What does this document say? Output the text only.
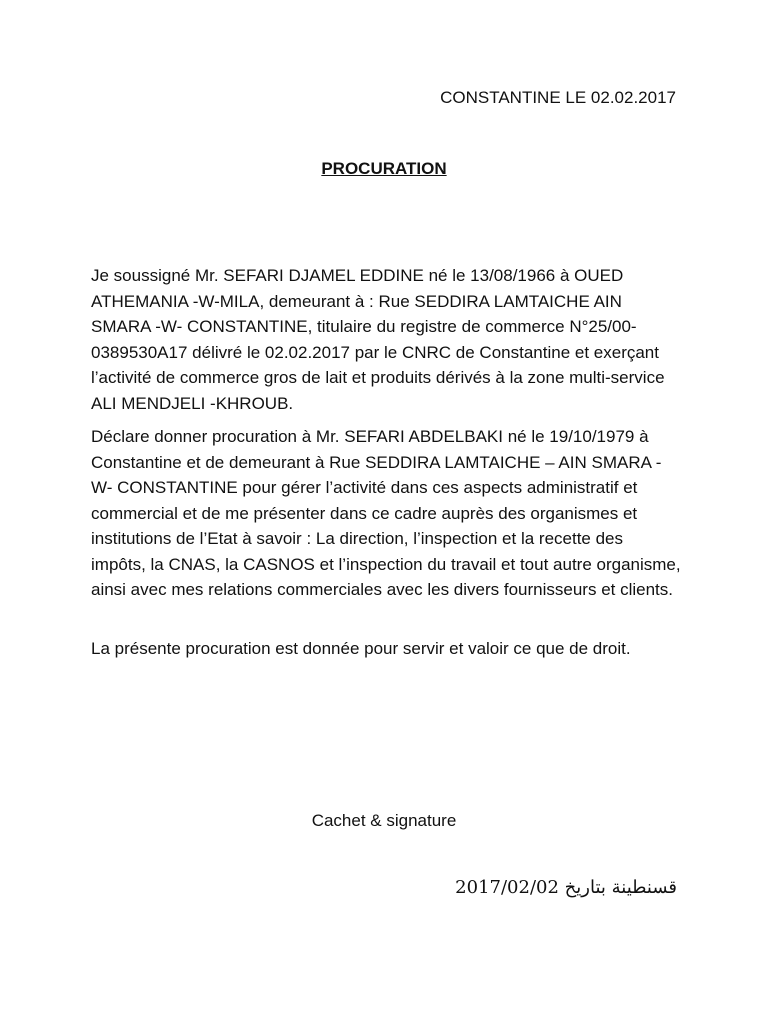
CONSTANTINE LE 02.02.2017
PROCURATION

Je soussigné Mr. SEFARI DJAMEL EDDINE né le 13/08/1966 à OUED ATHEMANIA -W-MILA, demeurant à : Rue SEDDIRA LAMTAICHE AIN SMARA -W- CONSTANTINE, titulaire du registre de commerce N°25/00-0389530A17 délivré le 02.02.2017 par le CNRC de Constantine et exerçant l’activité de commerce gros de lait et produits dérivés à la zone multi-service ALI MENDJELI -KHROUB.

Déclare donner procuration à Mr. SEFARI ABDELBAKI né le 19/10/1979 à Constantine et de demeurant à Rue SEDDIRA LAMTAICHE – AIN SMARA -W- CONSTANTINE pour gérer l’activité dans ces aspects administratif et commercial et de me présenter dans ce cadre auprès des organismes et institutions de l’Etat à savoir : La direction, l’inspection et la recette des impôts, la CNAS, la CASNOS et l’inspection du travail et tout autre organisme, ainsi avec mes relations commerciales avec les divers fournisseurs et clients.

La présente procuration est donnée pour servir et valoir ce que de droit.

Cachet & signature
قسنطينة بتاريخ 2017/02/02
